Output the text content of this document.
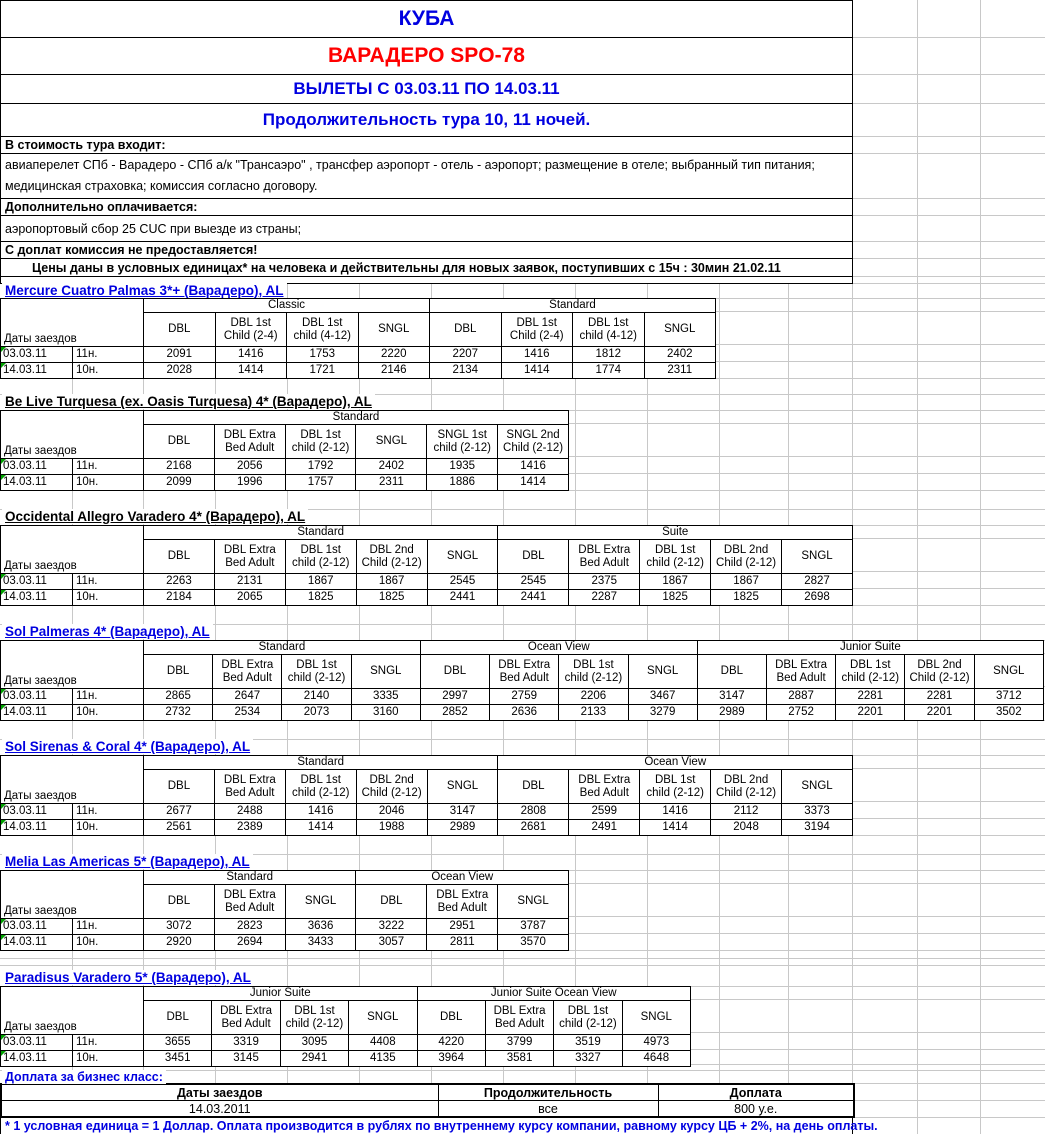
КУБА
ВАРАДЕРО SPO-78
ВЫЛЕТЫ С 03.03.11 ПО 14.03.11
Продолжительность тура 10, 11 ночей.
В стоимость тура входит:
авиаперелет СПб - Варадеро - СПб а/к "Трансаэро" , трансфер аэропорт - отель - аэропорт; размещение в отеле; выбранный тип питания;
медицинская страховка; комиссия согласно договору.
Дополнительно оплачивается:
аэропортовый сбор 25 CUC при выезде из страны;
С доплат комиссия не предоставляется!
Цены даны в условных единицах* на человека и действительны для новых заявок, поступивших с 15ч : 30мин 21.02.11
Доплата за бизнес класс:
Даты заездов	Продолжительность	Доплата
14.03.2011	все	800 у.е.
* 1 условная единица = 1 Доллар. Оплата производится в рублях по внутреннему курсу компании, равному курсу ЦБ + 2%, на день оплаты.
Mercure Cuatro Palmas 3*+ (Варадеро), AL
Даты заездов		Classic				Standard			
		DBL	DBL 1st Child (2-4)	DBL 1st child (4-12)	SNGL	DBL	DBL 1st Child (2-4)	DBL 1st child (4-12)	SNGL

03.03.11	11н.	2091	1416	1753	2220	2207	1416	1812	2402

14.03.11	10н.	2028	1414	1721	2146	2134	1414	1774	2311
Be Live Turquesa (ex. Oasis Turquesa) 4* (Варадеро), AL
Даты заездов		Standard					
		DBL	DBL Extra Bed Adult	DBL 1st child (2-12)	SNGL	SNGL 1st child (2-12)	SNGL 2nd Child (2-12)

03.03.11	11н.	2168	2056	1792	2402	1935	1416

14.03.11	10н.	2099	1996	1757	2311	1886	1414
Occidental Allegro Varadero 4* (Варадеро), AL
Даты заездов		Standard					Suite				
		DBL	DBL Extra Bed Adult	DBL 1st child (2-12)	DBL 2nd Child (2-12)	SNGL	DBL	DBL Extra Bed Adult	DBL 1st child (2-12)	DBL 2nd Child (2-12)	SNGL

03.03.11	11н.	2263	2131	1867	1867	2545	2545	2375	1867	1867	2827

14.03.11	10н.	2184	2065	1825	1825	2441	2441	2287	1825	1825	2698
Sol Palmeras 4* (Варадеро), AL
Даты заездов		Standard				Ocean View				Junior Suite				
		DBL	DBL Extra Bed Adult	DBL 1st child (2-12)	SNGL	DBL	DBL Extra Bed Adult	DBL 1st child (2-12)	SNGL	DBL	DBL Extra Bed Adult	DBL 1st child (2-12)	DBL 2nd Child (2-12)	SNGL

03.03.11	11н.	2865	2647	2140	3335	2997	2759	2206	3467	3147	2887	2281	2281	3712

14.03.11	10н.	2732	2534	2073	3160	2852	2636	2133	3279	2989	2752	2201	2201	3502
Sol Sirenas & Coral 4* (Варадеро), AL
Даты заездов		Standard					Ocean View				
		DBL	DBL Extra Bed Adult	DBL 1st child (2-12)	DBL 2nd Child (2-12)	SNGL	DBL	DBL Extra Bed Adult	DBL 1st child (2-12)	DBL 2nd Child (2-12)	SNGL

03.03.11	11н.	2677	2488	1416	2046	3147	2808	2599	1416	2112	3373

14.03.11	10н.	2561	2389	1414	1988	2989	2681	2491	1414	2048	3194
Melia Las Americas 5* (Варадеро), AL
Даты заездов		Standard			Ocean View		
		DBL	DBL Extra Bed Adult	SNGL	DBL	DBL Extra Bed Adult	SNGL

03.03.11	11н.	3072	2823	3636	3222	2951	3787

14.03.11	10н.	2920	2694	3433	3057	2811	3570
Paradisus Varadero 5* (Варадеро), AL
Даты заездов		Junior Suite				Junior Suite Ocean View			
		DBL	DBL Extra Bed Adult	DBL 1st child (2-12)	SNGL	DBL	DBL Extra Bed Adult	DBL 1st child (2-12)	SNGL

03.03.11	11н.	3655	3319	3095	4408	4220	3799	3519	4973

14.03.11	10н.	3451	3145	2941	4135	3964	3581	3327	4648
